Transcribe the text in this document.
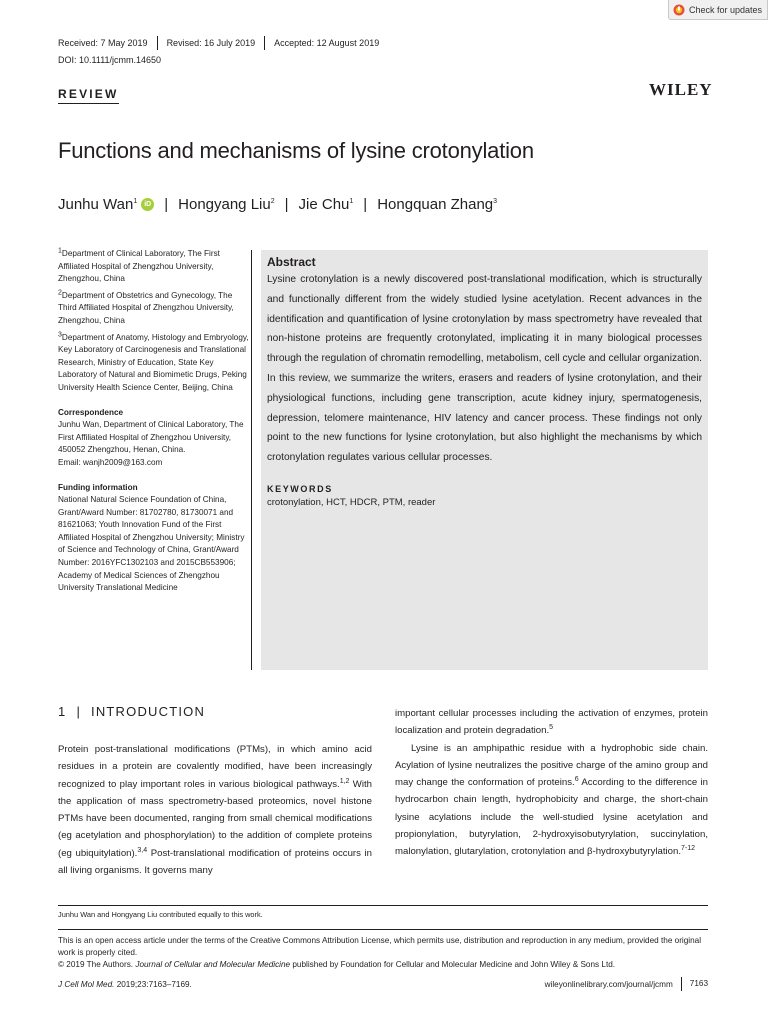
Check for updates
Received: 7 May 2019	Revised: 16 July 2019	Accepted: 12 August 2019
DOI: 10.1111/jcmm.14650
REVIEW	WILEY
Functions and mechanisms of lysine crotonylation
Junhu Wan$^1$	iD | Hongyang Liu$^2$ | Jie Chu$^1$ | Hongquan Zhang$^3$

$^1$Department of Clinical Laboratory, The First Affiliated Hospital of Zhengzhou University, Zhengzhou, China

$^2$Department of Obstetrics and Gynecology, The Third Affiliated Hospital of Zhengzhou University, Zhengzhou, China

$^3$Department of Anatomy, Histology and Embryology, Key Laboratory of Carcinogenesis and Translational Research, Ministry of Education, State Key Laboratory of Natural and Biomimetic Drugs, Peking University Health Science Center, Beijing, China

Correspondence

Junhu Wan, Department of Clinical Laboratory, The First Affiliated Hospital of Zhengzhou University, 450052 Zhengzhou, Henan, China.

Email: wanjh2009@163.com

Funding information

National Natural Science Foundation of China, Grant/Award Number: 81702780, 81730071 and 81621063; Youth Innovation Fund of the First Affiliated Hospital of Zhengzhou University; Ministry of Science and Technology of China, Grant/Award Number: 2016YFC1302103 and 2015CB553906; Academy of Medical Sciences of Zhengzhou University Translational Medicine

Abstract

Lysine crotonylation is a newly discovered post-translational modification, which is structurally and functionally different from the widely studied lysine acetylation. Recent advances in the identification and quantification of lysine crotonylation by mass spectrometry have revealed that non-histone proteins are frequently crotonylated, implicating it in many biological processes through the regulation of chromatin remodelling, metabolism, cell cycle and cellular organization. In this review, we summarize the writers, erasers and readers of lysine crotonylation, and their physiological functions, including gene transcription, acute kidney injury, spermatogenesis, depression, telomere maintenance, HIV latency and cancer process. These findings not only point to the new functions for lysine crotonylation, but also highlight the mechanisms by which crotonylation regulates various cellular processes.

KEYWORDS
crotonylation, HCT, HDCR, PTM, reader
1 | INTRODUCTION

Protein post-translational modifications (PTMs), in which amino acid residues in a protein are covalently modified, have been increasingly recognized to play important roles in various biological pathways.$^{1,2}$ With the application of mass spectrometry-based proteomics, novel histone PTMs have been documented, ranging from small chemical modifications (eg acetylation and phosphorylation) to the addition of complete proteins (eg ubiquitylation).$^{3,4}$ Post-translational modification of proteins occurs in all living organisms. It governs many

important cellular processes including the activation of enzymes, protein localization and protein degradation.$^5$

Lysine is an amphipathic residue with a hydrophobic side chain. Acylation of lysine neutralizes the positive charge of the amino group and may change the conformation of proteins.$^6$ According to the difference in hydrocarbon chain length, hydrophobicity and charge, the short-chain lysine acylations include the well-studied lysine acetylation and propionylation, butyrylation, 2-hydroxyisobutyrylation, succinylation, malonylation, glutarylation, crotonylation and β-hydroxybutyrylation.$^{7-12}$

Junhu Wan and Hongyang Liu contributed equally to this work.

This is an open access article under the terms of the Creative Commons Attribution License, which permits use, distribution and reproduction in any medium, provided the original work is properly cited.

© 2019 The Authors. Journal of Cellular and Molecular Medicine published by Foundation for Cellular and Molecular Medicine and John Wiley & Sons Ltd.

J Cell Mol Med. 2019;23:7163–7169.	wileyonlinelibrary.com/journal/jcmm	7163
